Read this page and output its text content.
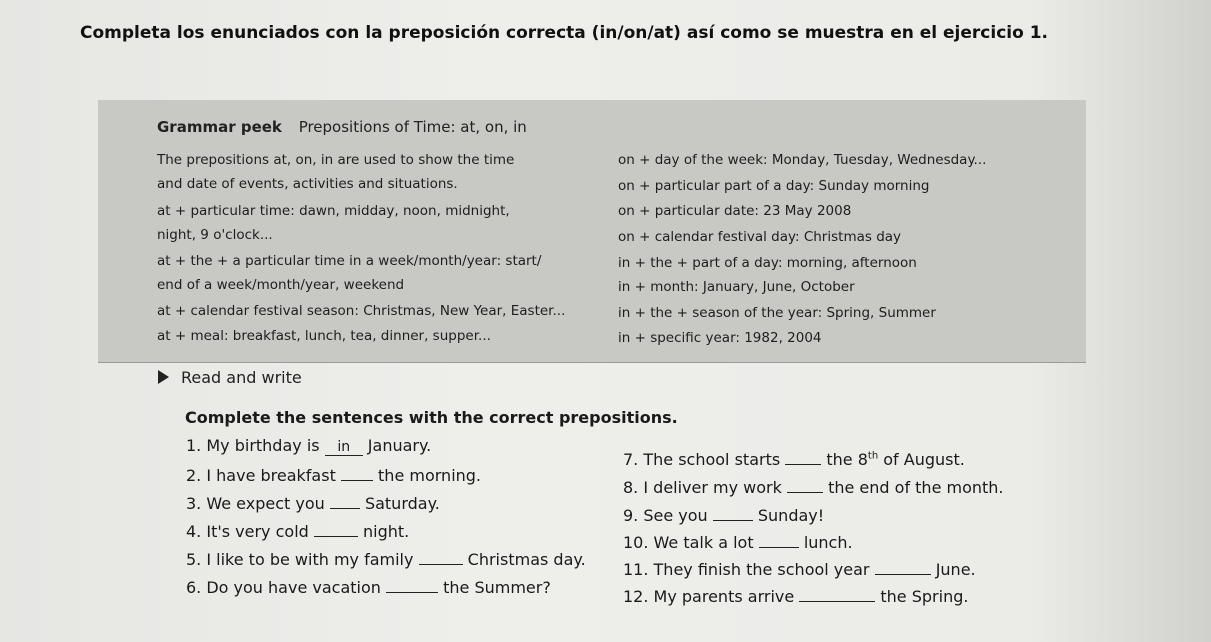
Completa los enunciados con la preposición correcta (in/on/at) así como se muestra en el ejercicio 1.
Grammar peek Prepositions of Time: at, on, in
The prepositions at, on, in are used to show the time
and date of events, activities and situations.
at + particular time: dawn, midday, noon, midnight,
night, 9 o'clock...
at + the + a particular time in a week/month/year: start/
end of a week/month/year, weekend
at + calendar festival season: Christmas, New Year, Easter...
at + meal: breakfast, lunch, tea, dinner, supper...
on + day of the week: Monday, Tuesday, Wednesday...
on + particular part of a day: Sunday morning
on + particular date: 23 May 2008
on + calendar festival day: Christmas day
in + the + part of a day: morning, afternoon
in + month: January, June, October
in + the + season of the year: Spring, Summer
in + specific year: 1982, 2004
Read and write
Complete the sentences with the correct prepositions.
1. My birthday is in January.
2. I have breakfast	the morning.
3. We expect you	Saturday.
4. It's very cold	night.
5. I like to be with my family	Christmas day.
6. Do you have vacation	the Summer?
7. The school starts	the 8th of August.
8. I deliver my work	the end of the month.
9. See you	Sunday!
10. We talk a lot	lunch.
11. They finish the school year	June.
12. My parents arrive	the Spring.
